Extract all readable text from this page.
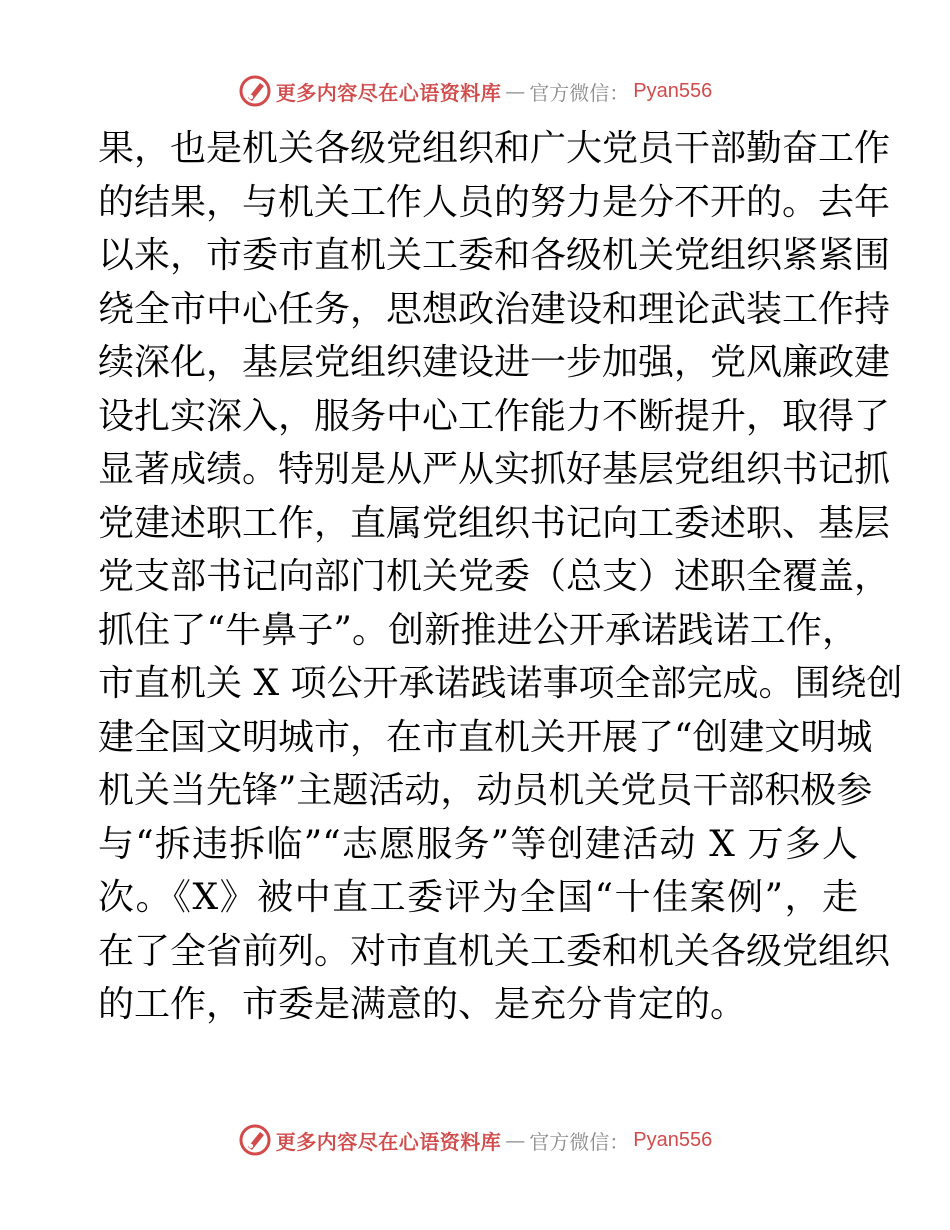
更多内容尽在心语资料库 — 官方微信： Pyan556
果，也是机关各级党组织和广大党员干部勤奋工作
的结果，与机关工作人员的努力是分不开的。去年
以来，市委市直机关工委和各级机关党组织紧紧围
绕全市中心任务，思想政治建设和理论武装工作持
续深化，基层党组织建设进一步加强，党风廉政建
设扎实深入，服务中心工作能力不断提升，取得了
显著成绩。特别是从严从实抓好基层党组织书记抓
党建述职工作，直属党组织书记向工委述职、基层
党支部书记向部门机关党委（总支）述职全覆盖，
抓住了“牛鼻子”。创新推进公开承诺践诺工作，
市直机关 X 项公开承诺践诺事项全部完成。围绕创
建全国文明城市，在市直机关开展了“创建文明城
机关当先锋”主题活动，动员机关党员干部积极参
与“拆违拆临”“志愿服务”等创建活动 X 万多人
次。《X》被中直工委评为全国“十佳案例”，走
在了全省前列。对市直机关工委和机关各级党组织
的工作，市委是满意的、是充分肯定的。
更多内容尽在心语资料库 — 官方微信： Pyan556
